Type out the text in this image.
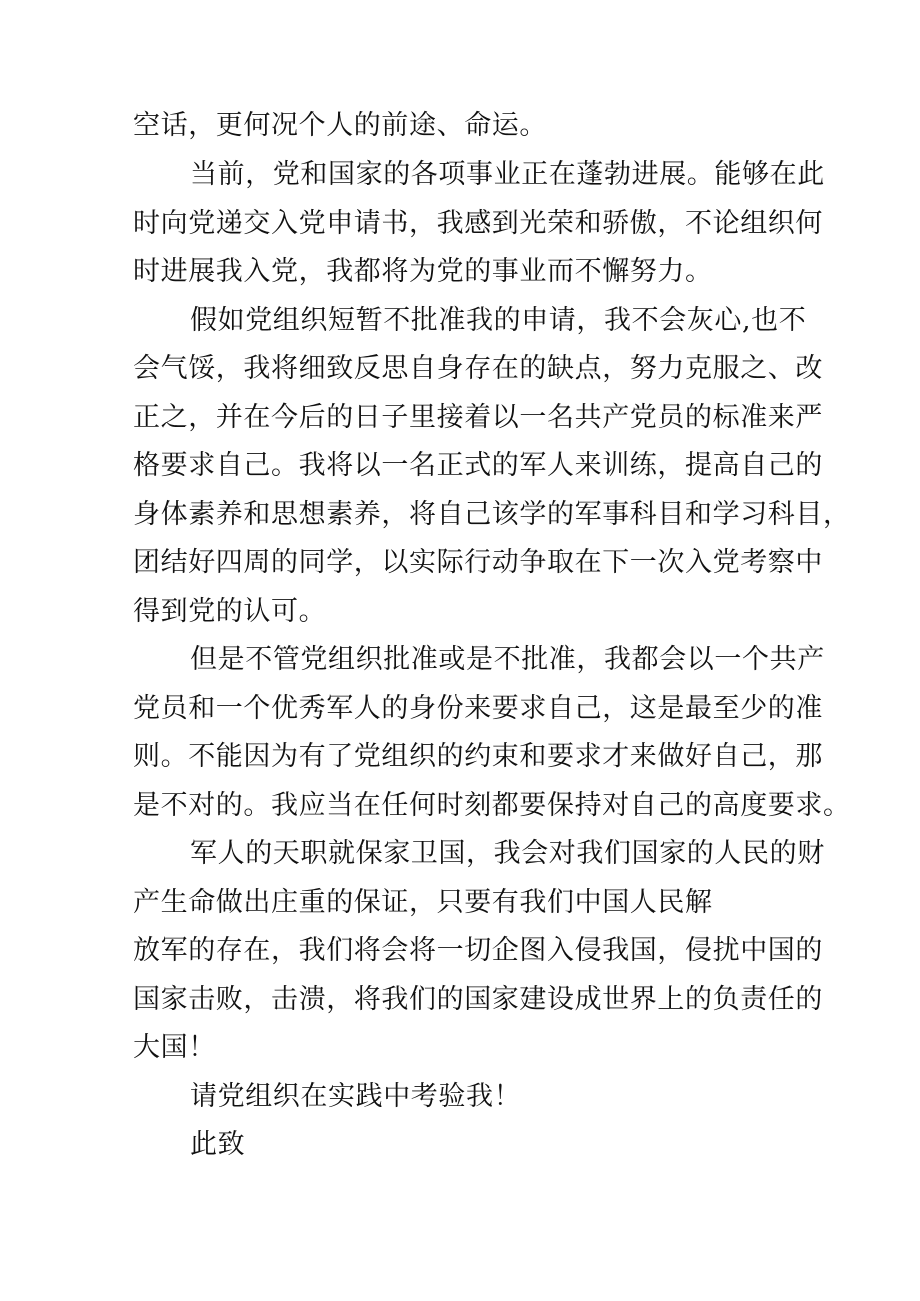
空话，更何况个人的前途、命运。
当前，党和国家的各项事业正在蓬勃进展。能够在此
时向党递交入党申请书，我感到光荣和骄傲，不论组织何
时进展我入党，我都将为党的事业而不懈努力。
假如党组织短暂不批准我的申请，我不会灰心,也不
会气馁，我将细致反思自身存在的缺点，努力克服之、改
正之，并在今后的日子里接着以一名共产党员的标准来严
格要求自己。我将以一名正式的军人来训练，提高自己的
身体素养和思想素养，将自己该学的军事科目和学习科目，
团结好四周的同学，以实际行动争取在下一次入党考察中
得到党的认可。
但是不管党组织批准或是不批准，我都会以一个共产
党员和一个优秀军人的身份来要求自己，这是最至少的准
则。不能因为有了党组织的约束和要求才来做好自己，那
是不对的。我应当在任何时刻都要保持对自己的高度要求。
军人的天职就保家卫国，我会对我们国家的人民的财
产生命做出庄重的保证，只要有我们中国人民解
放军的存在，我们将会将一切企图入侵我国，侵扰中国的
国家击败，击溃，将我们的国家建设成世界上的负责任的
大国！
请党组织在实践中考验我！
此致
